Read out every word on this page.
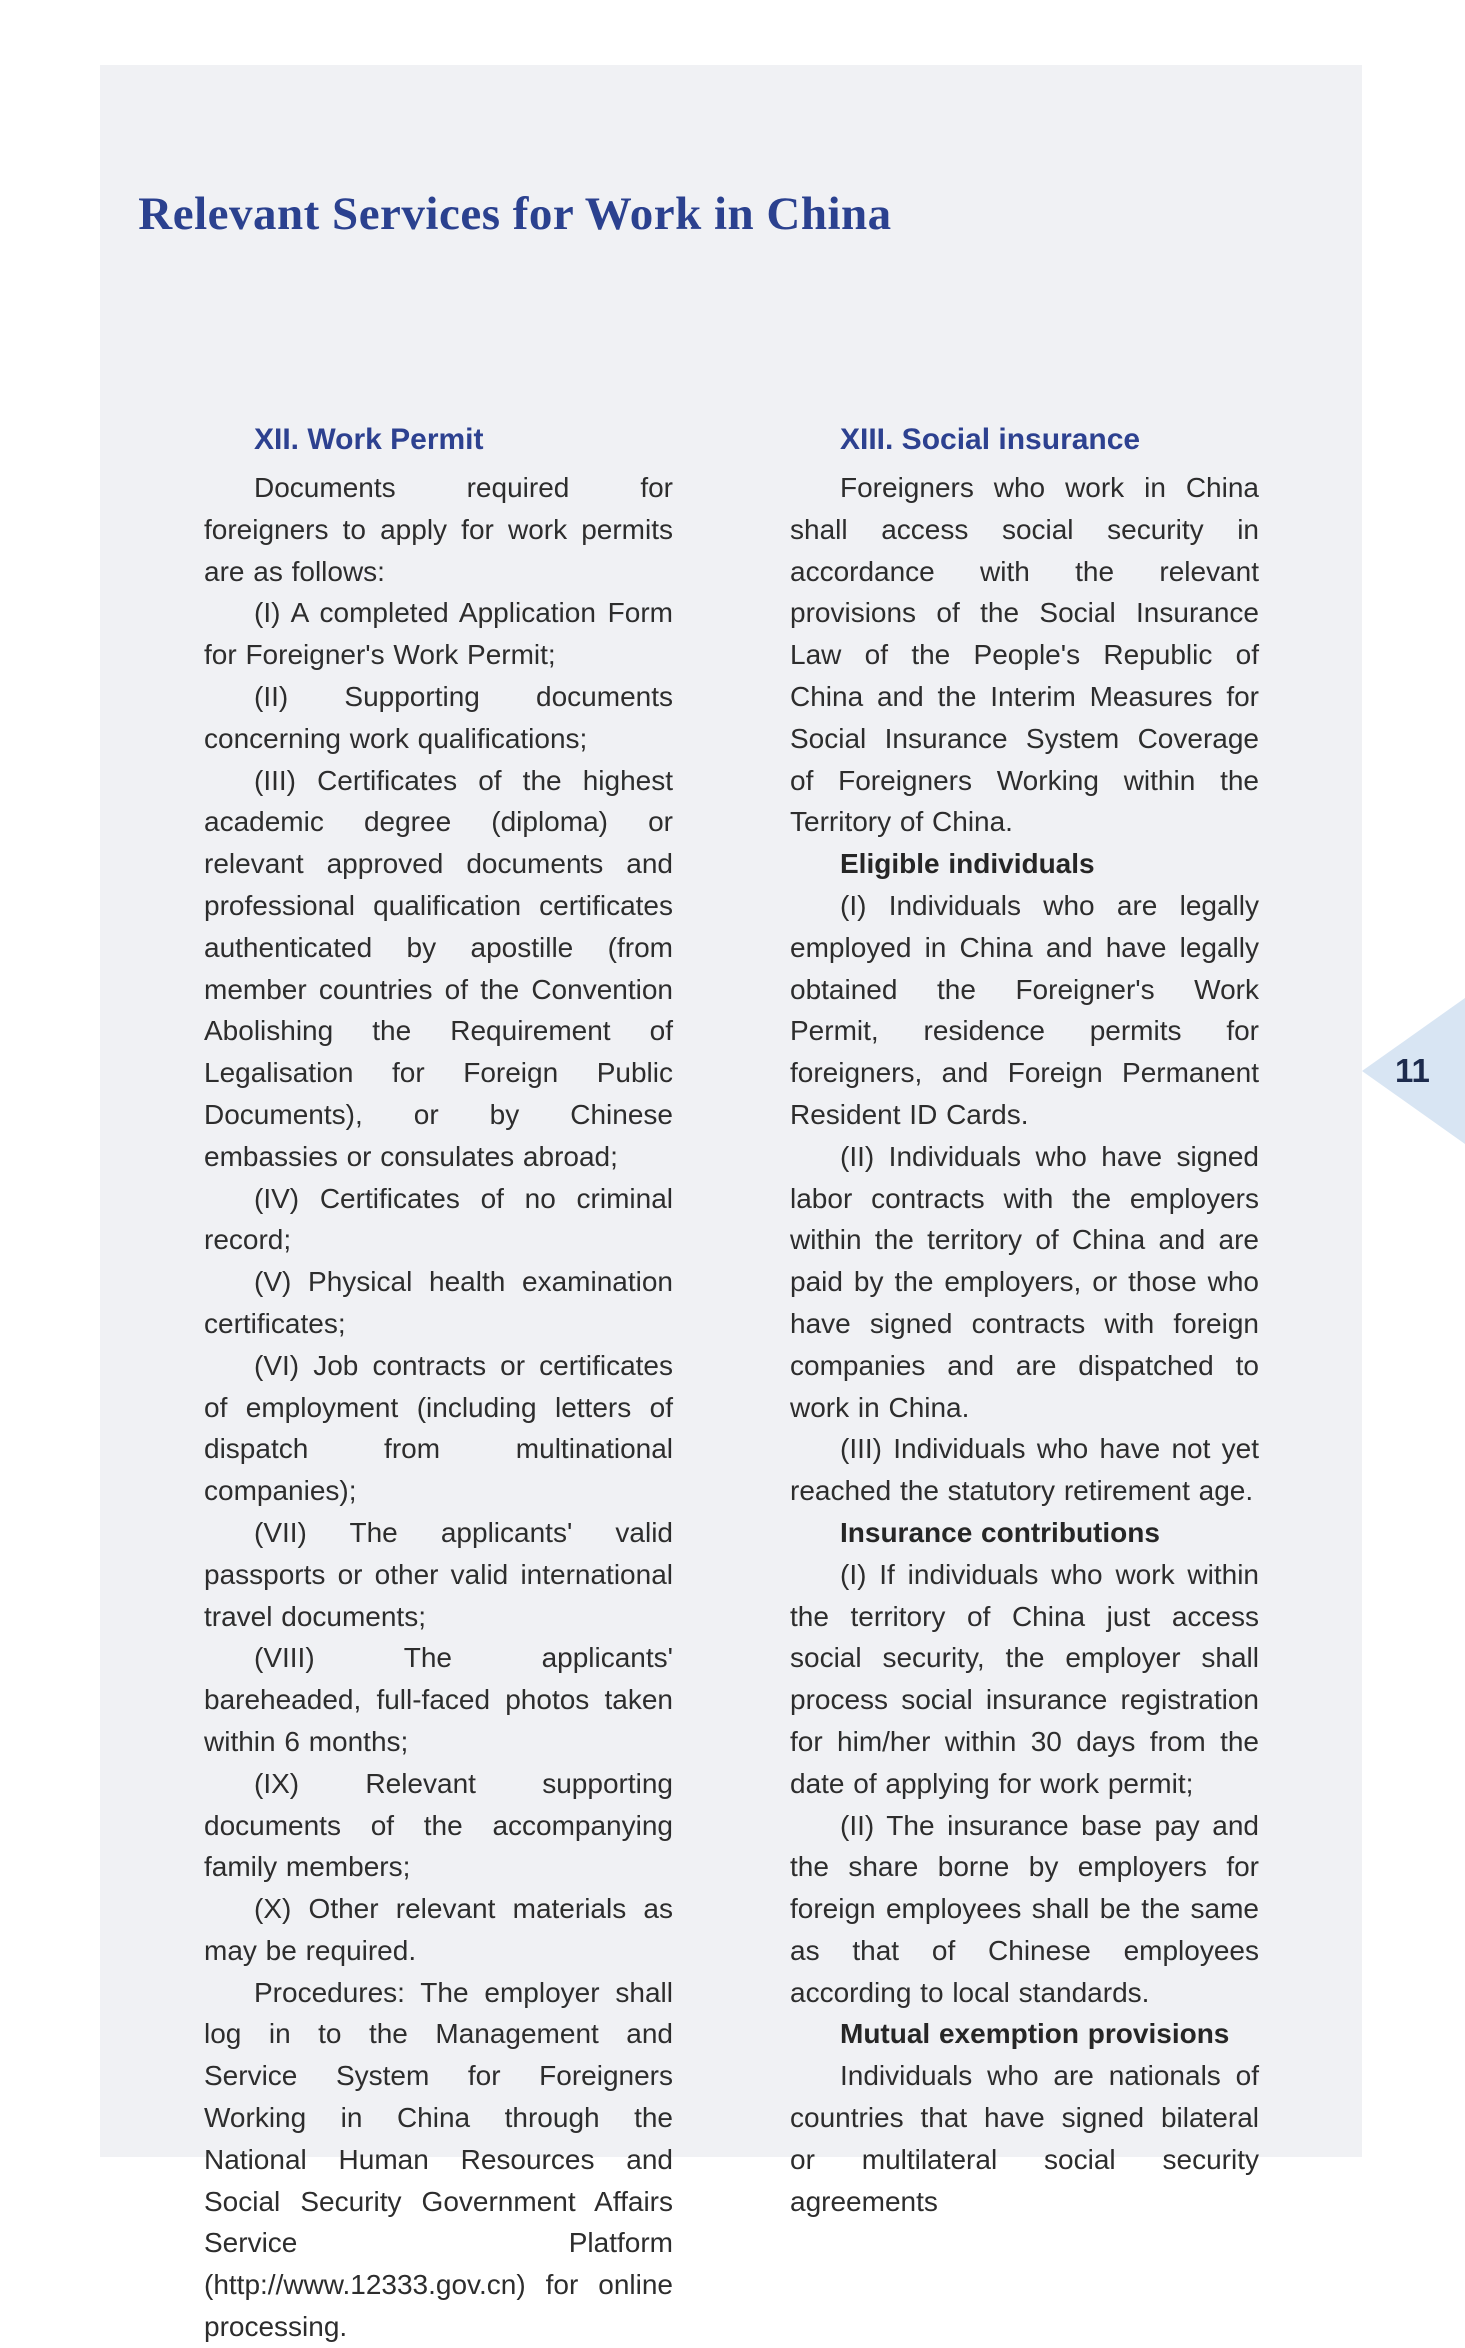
Relevant Services for Work in China
XII. Work Permit

Documents required for foreigners to apply for work permits are as follows:

(I) A completed Application Form for Foreigner's Work Permit;

(II) Supporting documents concerning work qualifications;

(III) Certificates of the highest academic degree (diploma) or relevant approved documents and professional qualification certificates authenticated by apostille (from member countries of the Convention Abolishing the Requirement of Legalisation for Foreign Public Documents), or by Chinese embassies or consulates abroad;

(IV) Certificates of no criminal record;

(V) Physical health examination certificates;

(VI) Job contracts or certificates of employment (including letters of dispatch from multinational companies);

(VII) The applicants' valid passports or other valid international travel documents;

(VIII) The applicants' bareheaded, full-faced photos taken within 6 months;

(IX) Relevant supporting documents of the accompanying family members;

(X) Other relevant materials as may be required.

Procedures: The employer shall log in to the Management and Service System for Foreigners Working in China through the National Human Resources and Social Security Government Affairs Service Platform (http://www.12333.gov.cn) for online processing.

XIII. Social insurance

Foreigners who work in China shall access social security in accordance with the relevant provisions of the Social Insurance Law of the People's Republic of China and the Interim Measures for Social Insurance System Coverage of Foreigners Working within the Territory of China.

Eligible individuals

(I) Individuals who are legally employed in China and have legally obtained the Foreigner's Work Permit, residence permits for foreigners, and Foreign Permanent Resident ID Cards.

(II) Individuals who have signed labor contracts with the employers within the territory of China and are paid by the employers, or those who have signed contracts with foreign companies and are dispatched to work in China.

(III) Individuals who have not yet reached the statutory retirement age.

Insurance contributions

(I) If individuals who work within the territory of China just access social security, the employer shall process social insurance registration for him/her within 30 days from the date of applying for work permit;

(II) The insurance base pay and the share borne by employers for foreign employees shall be the same as that of Chinese employees according to local standards.

Mutual exemption provisions

Individuals who are nationals of countries that have signed bilateral or multilateral social security agreements

11
